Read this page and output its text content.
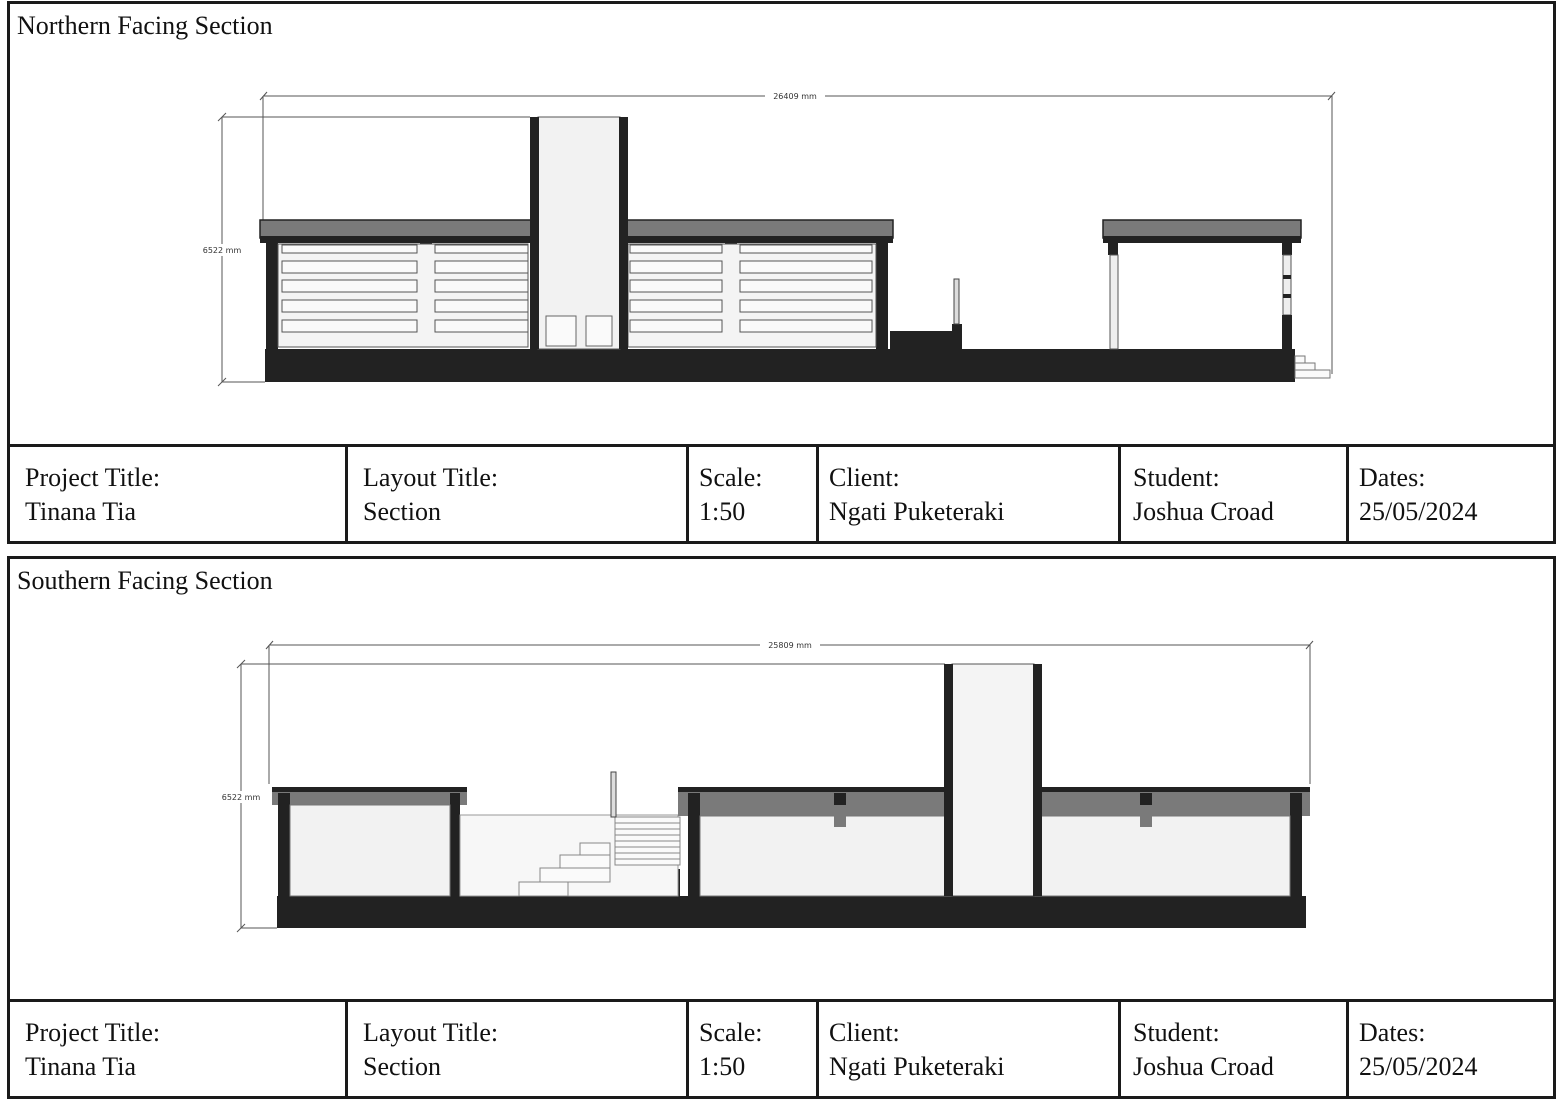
Northern Facing Section
26409 mm
6522 mm
Project Title:
Tinana Tia
Layout Title:
Section
Scale:
1:50
Client:
Ngati Puketeraki
Student:
Joshua Croad
Dates:
25/05/2024
Southern Facing Section
25809 mm
6522 mm
Project Title:
Tinana Tia
Layout Title:
Section
Scale:
1:50
Client:
Ngati Puketeraki
Student:
Joshua Croad
Dates:
25/05/2024
